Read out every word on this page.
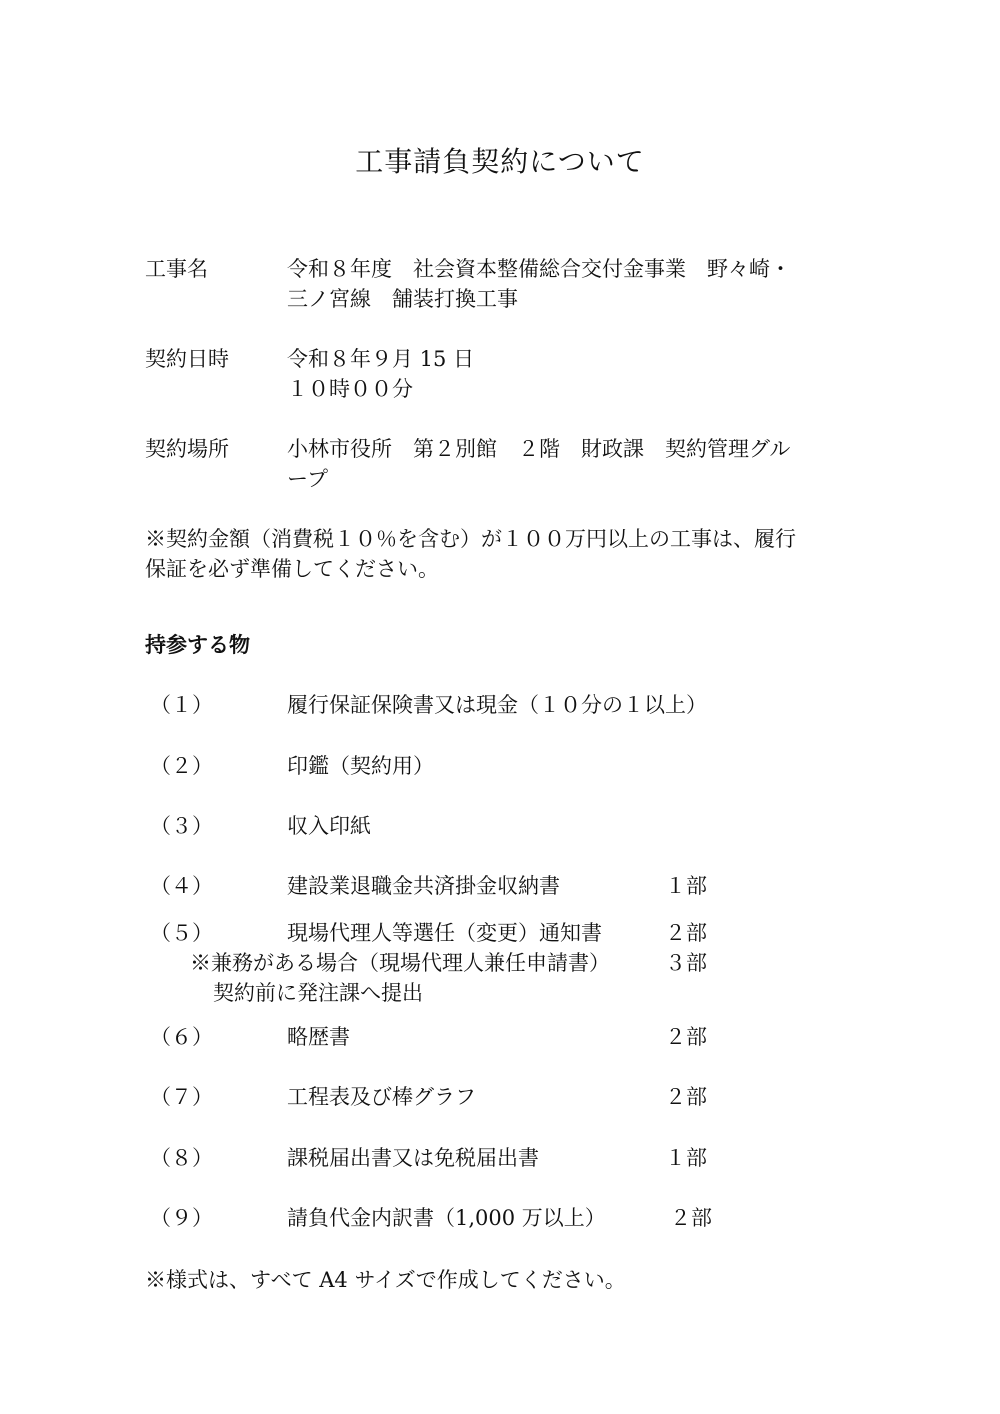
工事請負契約について
工事名	令和８年度　社会資本整備総合交付金事業　野々崎・
三ノ宮線　舗装打換工事
契約日時	令和８年９月 15 日
１０時００分
契約場所	小林市役所　第２別館　２階　財政課　契約管理グル
ープ
※契約金額（消費税１０％を含む）が１００万円以上の工事は、履行
保証を必ず準備してください。
持参する物
（１）	履行保証保険書又は現金（１０分の１以上）
（２）	印鑑（契約用）
（３）	収入印紙
（４）	建設業退職金共済掛金収納書	１部
（５）	現場代理人等選任（変更）通知書	２部
※兼務がある場合（現場代理人兼任申請書）	３部
契約前に発注課へ提出
（６）	略歴書	２部
（７）	工程表及び棒グラフ	２部
（８）	課税届出書又は免税届出書	１部
（９）	請負代金内訳書（1,000 万以上）	２部
※様式は、すべて A4 サイズで作成してください。
